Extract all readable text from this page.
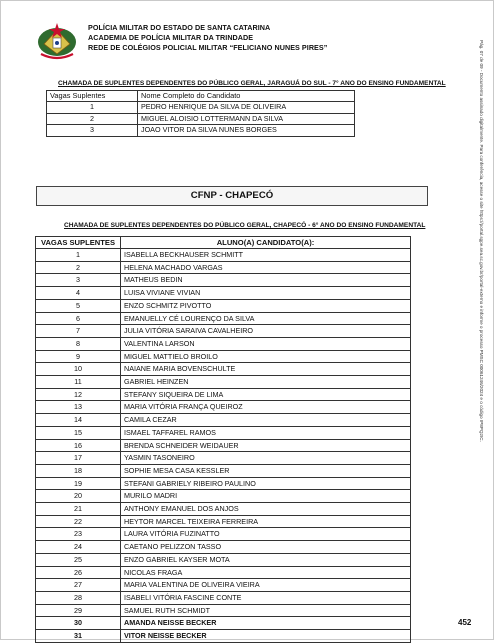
POLÍCIA MILITAR DO ESTADO DE SANTA CATARINA
ACADEMIA DE POLÍCIA MILITAR DA TRINDADE
REDE DE COLÉGIOS POLICIAL MILITAR “FELICIANO NUNES PIRES”
CHAMADA DE SUPLENTES DEPENDENTES DO PÚBLICO GERAL, JARAGUÁ DO SUL - 7° ANO DO ENSINO FUNDAMENTAL
Vagas Suplentes	Nome Completo do Candidato
1	PEDRO HENRIQUE DA SILVA DE OLIVEIRA
2	MIGUEL ALOISIO LOTTERMANN DA SILVA
3	JOAO VITOR DA SILVA NUNES BORGES
CFNP - CHAPECÓ
CHAMADA DE SUPLENTES DEPENDENTES DO PÚBLICO GERAL, CHAPECÓ - 6° ANO DO ENSINO FUNDAMENTAL
VAGAS SUPLENTES	ALUNO(A) CANDIDATO(A):
1	ISABELLA BECKHAUSER SCHMITT
2	HELENA MACHADO VARGAS
3	MATHEUS BEDIN
4	LUISA VIVIANE VIVIAN
5	ENZO SCHMITZ PIVOTTO
6	EMANUELLY CÉ LOURENÇO DA SILVA
7	JULIA VITÓRIA SARAIVA CAVALHEIRO
8	VALENTINA LARSON
9	MIGUEL MATTIELO BROILO
10	NAIANE MARIA BOVENSCHULTE
11	GABRIEL HEINZEN
12	STEFANY SIQUEIRA DE LIMA
13	MARIA VITÓRIA FRANÇA QUEIROZ
14	CAMILA CEZAR
15	ISMAEL TAFFAREL RAMOS
16	BRENDA SCHNEIDER WEIDAUER
17	YASMIN TASONEIRO
18	SOPHIE MESA CASA KESSLER
19	STEFANI GABRIELY RIBEIRO PAULINO
20	MURILO MADRI
21	ANTHONY EMANUEL DOS ANJOS
22	HEYTOR MARCEL TEIXEIRA FERREIRA
23	LAURA VITÓRIA FUZINATTO
24	CAETANO PELIZZON TASSO
25	ENZO GABRIEL KAYSER MOTA
26	NICOLAS FRAGA
27	MARIA VALENTINA DE OLIVEIRA VIEIRA
28	ISABELI VITÓRIA FASCINE CONTE
29	SAMUEL RUTH SCHMIDT
30	AMANDA NEISSE BECKER
31	VITOR NEISSE BECKER
Pág. 07 de 09 - Documento assinado digitalmente. Para conferência, acesse o site https://portal.sgpe.sea.sc.gov.br/portal-externo e informe o processo PMSC 00061246/2024 e o código IP8PQ2IC.
452
